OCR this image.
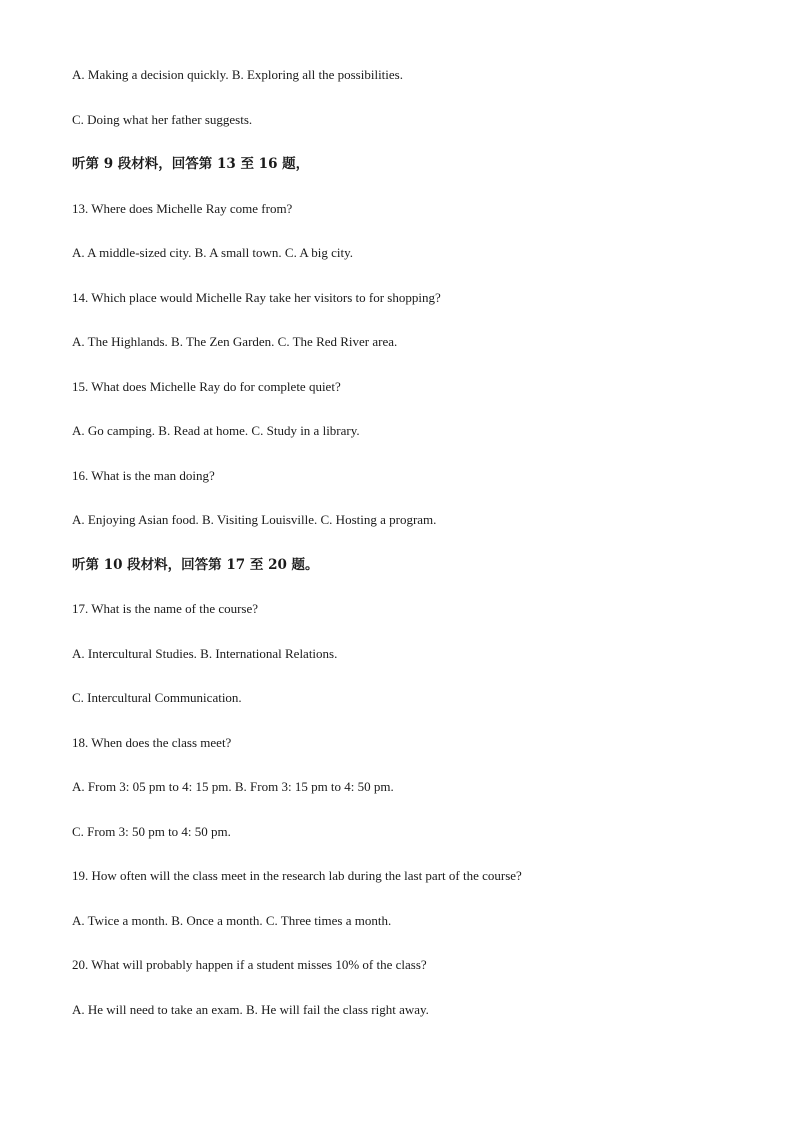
A. Making a decision quickly. B. Exploring all the possibilities.
C. Doing what her father suggests.
听第 9 段材料，回答第 13 至 16 题，
13. Where does Michelle Ray come from?
A. A middle-sized city. B. A small town. C. A big city.
14. Which place would Michelle Ray take her visitors to for shopping?
A. The Highlands. B. The Zen Garden. C. The Red River area.
15. What does Michelle Ray do for complete quiet?
A. Go camping. B. Read at home. C. Study in a library.
16. What is the man doing?
A. Enjoying Asian food. B. Visiting Louisville. C. Hosting a program.
听第 10 段材料，回答第 17 至 20 题。
17. What is the name of the course?
A. Intercultural Studies. B. International Relations.
C. Intercultural Communication.
18. When does the class meet?
A. From 3: 05 pm to 4: 15 pm. B. From 3: 15 pm to 4: 50 pm.
C. From 3: 50 pm to 4: 50 pm.
19. How often will the class meet in the research lab during the last part of the course?
A. Twice a month. B. Once a month. C. Three times a month.
20. What will probably happen if a student misses 10% of the class?
A. He will need to take an exam. B. He will fail the class right away.
